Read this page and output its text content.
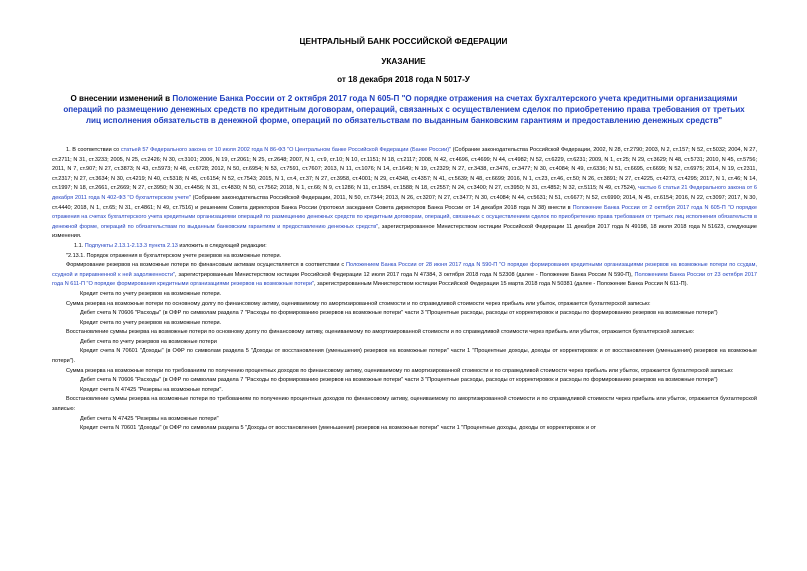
ЦЕНТРАЛЬНЫЙ БАНК РОССИЙСКОЙ ФЕДЕРАЦИИ
УКАЗАНИЕ
от 18 декабря 2018 года N 5017-У
О внесении изменений в Положение Банка России от 2 октября 2017 года N 605-П "О порядке отражения на счетах бухгалтерского учета кредитными организациями операций по размещению денежных средств по кредитным договорам, операций, связанных с осуществлением сделок по приобретению права требования от третьих лиц исполнения обязательств в денежной форме, операций по обязательствам по выданным банковским гарантиям и предоставлению денежных средств"

1. В соответствии со статьей 57 Федерального закона от 10 июля 2002 года N 86-ФЗ "О Центральном банке Российской Федерации (Банке России)" (Собрание законодательства Российской Федерации, 2002, N 28, ст.2790; 2003, N 2, ст.157; N 52, ст.5032; 2004, N 27, ст.2711; N 31, ст.3233; 2005, N 25, ст.2426; N 30, ст.3101; 2006, N 19, ст.2061; N 25, ст.2648; 2007, N 1, ст.9, ст.10; N 10, ст.1151; N 18, ст.2117; 2008, N 42, ст.4696, ст.4699; N 44, ст.4982; N 52, ст.6229, ст.6231; 2009, N 1, ст.25; N 29, ст.3629; N 48, ст.5731; 2010, N 45, ст.5756; 2011, N 7, ст.907; N 27, ст.3873; N 43, ст.5973; N 48, ст.6728; 2012, N 50, ст.6954; N 53, ст.7591, ст.7607; 2013, N 11, ст.1076; N 14, ст.1649; N 19, ст.2329; N 27, ст.3438, ст.3476, ст.3477; N 30, ст.4084; N 49, ст.6336; N 51, ст.6695, ст.6699; N 52, ст.6975; 2014, N 19, ст.2311, ст.2317; N 27, ст.3634; N 30, ст.4219; N 40, ст.5318; N 45, ст.6154; N 52, ст.7543; 2015, N 1, ст.4, ст.37; N 27, ст.3958, ст.4001; N 29, ст.4348, ст.4357; N 41, ст.5639; N 48, ст.6699; 2016, N 1, ст.23, ст.46, ст.50; N 26, ст.3891; N 27, ст.4225, ст.4273, ст.4295; 2017, N 1, ст.46; N 14, ст.1997; N 18, ст.2661, ст.2669; N 27, ст.3950; N 30, ст.4456; N 31, ст.4830; N 50, ст.7562; 2018, N 1, ст.66; N 9, ст.1286; N 11, ст.1584, ст.1588; N 18, ст.2557; N 24, ст.3400; N 27, ст.3950; N 31, ст.4852; N 32, ст.5115; N 49, ст.7524), частью 6 статьи 21 Федерального закона от 6 декабря 2011 года N 402-ФЗ "О бухгалтерском учете" (Собрание законодательства Российской Федерации, 2011, N 50, ст.7344; 2013, N 26, ст.3207; N 27, ст.3477; N 30, ст.4084; N 44, ст.5631; N 51, ст.6677; N 52, ст.6990; 2014, N 45, ст.6154; 2016, N 22, ст.3097; 2017, N 30, ст.4440; 2018, N 1, ст.65; N 31, ст.4861; N 49, ст.7516) и решением Совета директоров Банка России (протокол заседания Совета директоров Банка России от 14 декабря 2018 года N 38) внести в Положение Банка России от 2 октября 2017 года N 605-П "О порядке отражения на счетах бухгалтерского учета кредитными организациями операций по размещению денежных средств по кредитным договорам, операций, связанных с осуществлением сделок по приобретению права требования от третьих лиц исполнения обязательств в денежной форме, операций по обязательствам по выданным банковским гарантиям и предоставлению денежных средств", зарегистрированное Министерством юстиции Российской Федерации 11 декабря 2017 года N 49198, 18 июля 2018 года N 51623, следующие изменения.

1.1. Подпункты 2.13.1-2.13.3 пункта 2.13 изложить в следующей редакции:

"2.13.1. Порядок отражения в бухгалтерском учете резервов на возможные потери.

Формирование резервов на возможные потери по финансовым активам осуществляется в соответствии с Положением Банка России от 28 июня 2017 года N 590-П "О порядке формирования кредитными организациями резервов на возможные потери по ссудам, ссудной и приравненной к ней задолженности", зарегистрированным Министерством юстиции Российской Федерации 12 июля 2017 года N 47384, 3 октября 2018 года N 52308 (далее - Положение Банка России N 590-П), Положением Банка России от 23 октября 2017 года N 611-П "О порядке формирования кредитными организациями резервов на возможные потери", зарегистрированным Министерством юстиции Российской Федерации 15 марта 2018 года N 50381 (далее - Положение Банка России N 611-П).

Кредит счета по учету резервов на возможные потери.

Сумма резерва на возможные потери по основному долгу по финансовому активу, оцениваемому по амортизированной стоимости и по справедливой стоимости через прибыль или убыток, отражается бухгалтерской записью:

Дебет счета N 70606 "Расходы" (в ОФР по символам раздела 7 "Расходы по формированию резервов на возможные потери" части 3 "Процентные расходы, расходы от корректировок и расходы по формированию резервов на возможные потери")

Кредит счета по учету резервов на возможные потери.

Восстановление суммы резерва на возможные потери по основному долгу по финансовому активу, оцениваемому по амортизированной стоимости и по справедливой стоимости через прибыль или убыток, отражается бухгалтерской записью:

Дебет счета по учету резервов на возможные потери

Кредит счета N 70601 "Доходы" (в ОФР по символам раздела 5 "Доходы от восстановления (уменьшения) резервов на возможные потери" части 1 "Процентные доходы, доходы от корректировок и от восстановления (уменьшения) резервов на возможные потери").

Сумма резерва на возможные потери по требованиям по получению процентных доходов по финансовому активу, оцениваемому по амортизированной стоимости и по справедливой стоимости через прибыль или убыток, отражается бухгалтерской записью:

Дебет счета N 70606 "Расходы" (в ОФР по символам раздела 7 "Расходы по формированию резервов на возможные потери" части 3 "Процентные расходы, расходы от корректировок и расходы по формированию резервов на возможные потери")

Кредит счета N 47425 "Резервы на возможные потери".

Восстановление суммы резерва на возможные потери по требованиям по получению процентных доходов по финансовому активу, оцениваемому по амортизированной стоимости и по справедливой стоимости через прибыль или убыток, отражается бухгалтерской записью:

Дебет счета N 47425 "Резервы на возможные потери"

Кредит счета N 70601 "Доходы" (в ОФР по символам раздела 5 "Доходы от восстановления (уменьшения) резервов на возможные потери" части 1 "Процентные доходы, доходы от корректировок и от
